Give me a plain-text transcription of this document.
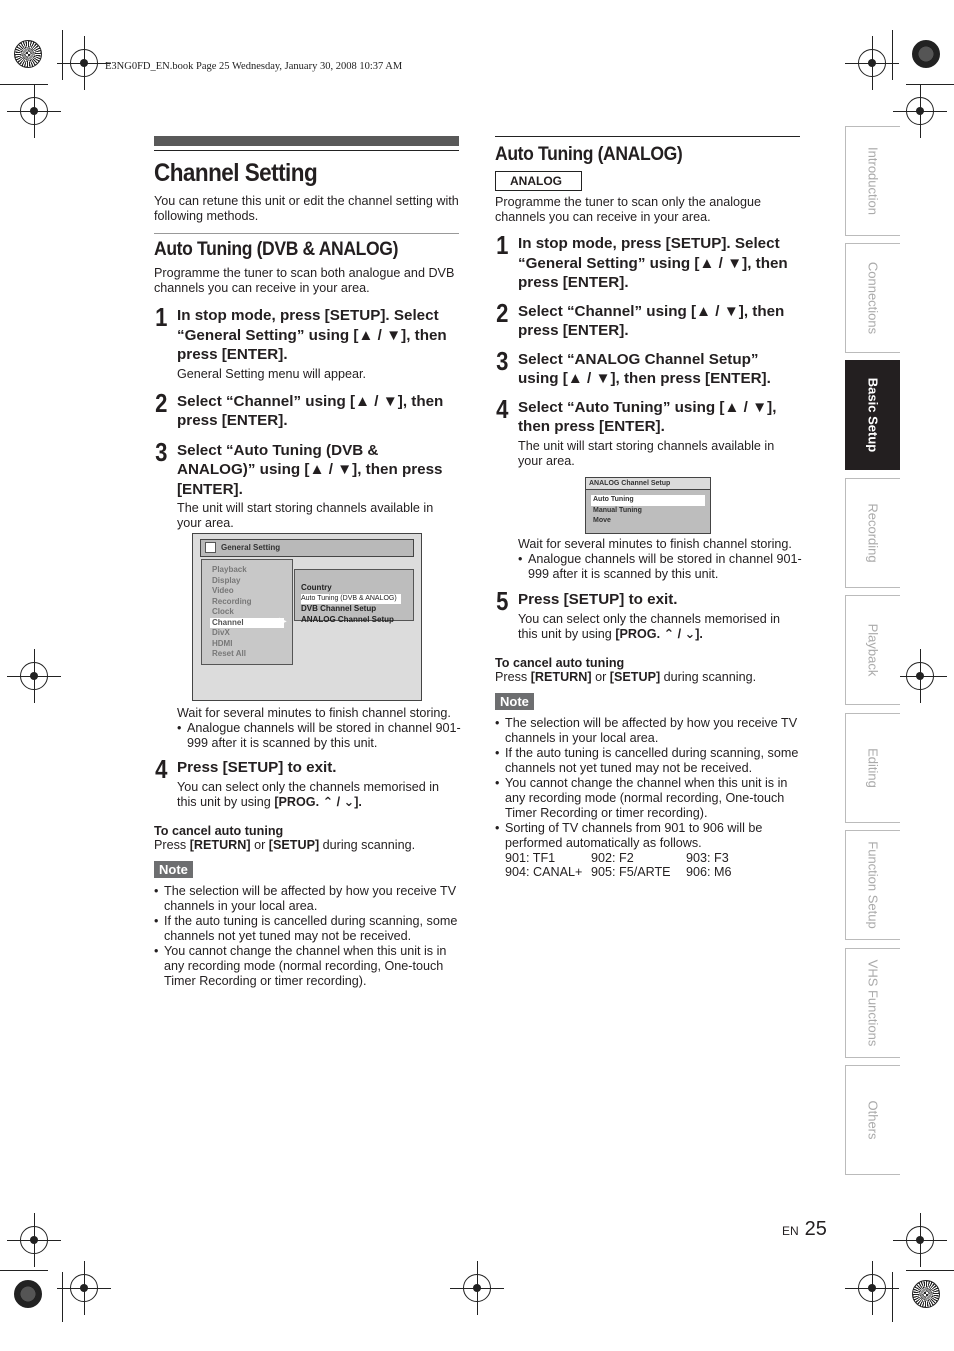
E3NG0FD_EN.book Page 25 Wednesday, January 30, 2008 10:37 AM
Channel Setting

You can retune this unit or edit the channel setting with following methods.

Auto Tuning (DVB & ANALOG)

Programme the tuner to scan both analogue and DVB channels you can receive in your area.

1 In stop mode, press [SETUP]. Select “General Setting” using [▲ / ▼], then press [ENTER].
General Setting menu will appear.
2 Select “Channel” using [▲ / ▼], then press [ENTER].
3 Select “Auto Tuning (DVB & ANALOG)” using [▲ / ▼], then press [ENTER].
The unit will start storing channels available in your area.
General Setting
Playback
Display
Video
Recording
Clock
Channel
DivX
HDMI
Reset All
▶
Country
Auto Tuning (DVB & ANALOG)
DVB Channel Setup
ANALOG Channel Setup

Wait for several minutes to finish channel storing.

• Analogue channels will be stored in channel 901-999 after it is scanned by this unit.
4 Press [SETUP] to exit.
You can select only the channels memorised in this unit by using [PROG. ⌃ / ⌄].
To cancel auto tuning

Press [RETURN] or [SETUP] during scanning.

Note
• The selection will be affected by how you receive TV channels in your local area.
• If the auto tuning is cancelled during scanning, some channels not yet tuned may not be received.
• You cannot change the channel when this unit is in any recording mode (normal recording, One-touch Timer Recording or timer recording).
Auto Tuning (ANALOG)
ANALOG

Programme the tuner to scan only the analogue channels you can receive in your area.

1 In stop mode, press [SETUP]. Select “General Setting” using [▲ / ▼], then press [ENTER].
2 Select “Channel” using [▲ / ▼], then press [ENTER].
3 Select “ANALOG Channel Setup” using [▲ / ▼], then press [ENTER].
4 Select “Auto Tuning” using [▲ / ▼], then press [ENTER].
The unit will start storing channels available in your area.
ANALOG Channel Setup
Auto Tuning
Manual Tuning
Move

Wait for several minutes to finish channel storing.

• Analogue channels will be stored in channel 901-999 after it is scanned by this unit.
5 Press [SETUP] to exit.
You can select only the channels memorised in this unit by using [PROG. ⌃ / ⌄].
To cancel auto tuning

Press [RETURN] or [SETUP] during scanning.

Note
• The selection will be affected by how you receive TV channels in your local area.
• If the auto tuning is cancelled during scanning, some channels not yet tuned may not be received.
• You cannot change the channel when this unit is in any recording mode (normal recording, One-touch Timer Recording or timer recording).
• Sorting of TV channels from 901 to 906 will be performed automatically as follows.
901: TF1	902: F2	903: F3
904: CANAL+ 905: F5/ARTE	906: M6
Introduction
Connections
Basic Setup
Recording
Playback
Editing
Function Setup
VHS Functions
Others
EN 25
